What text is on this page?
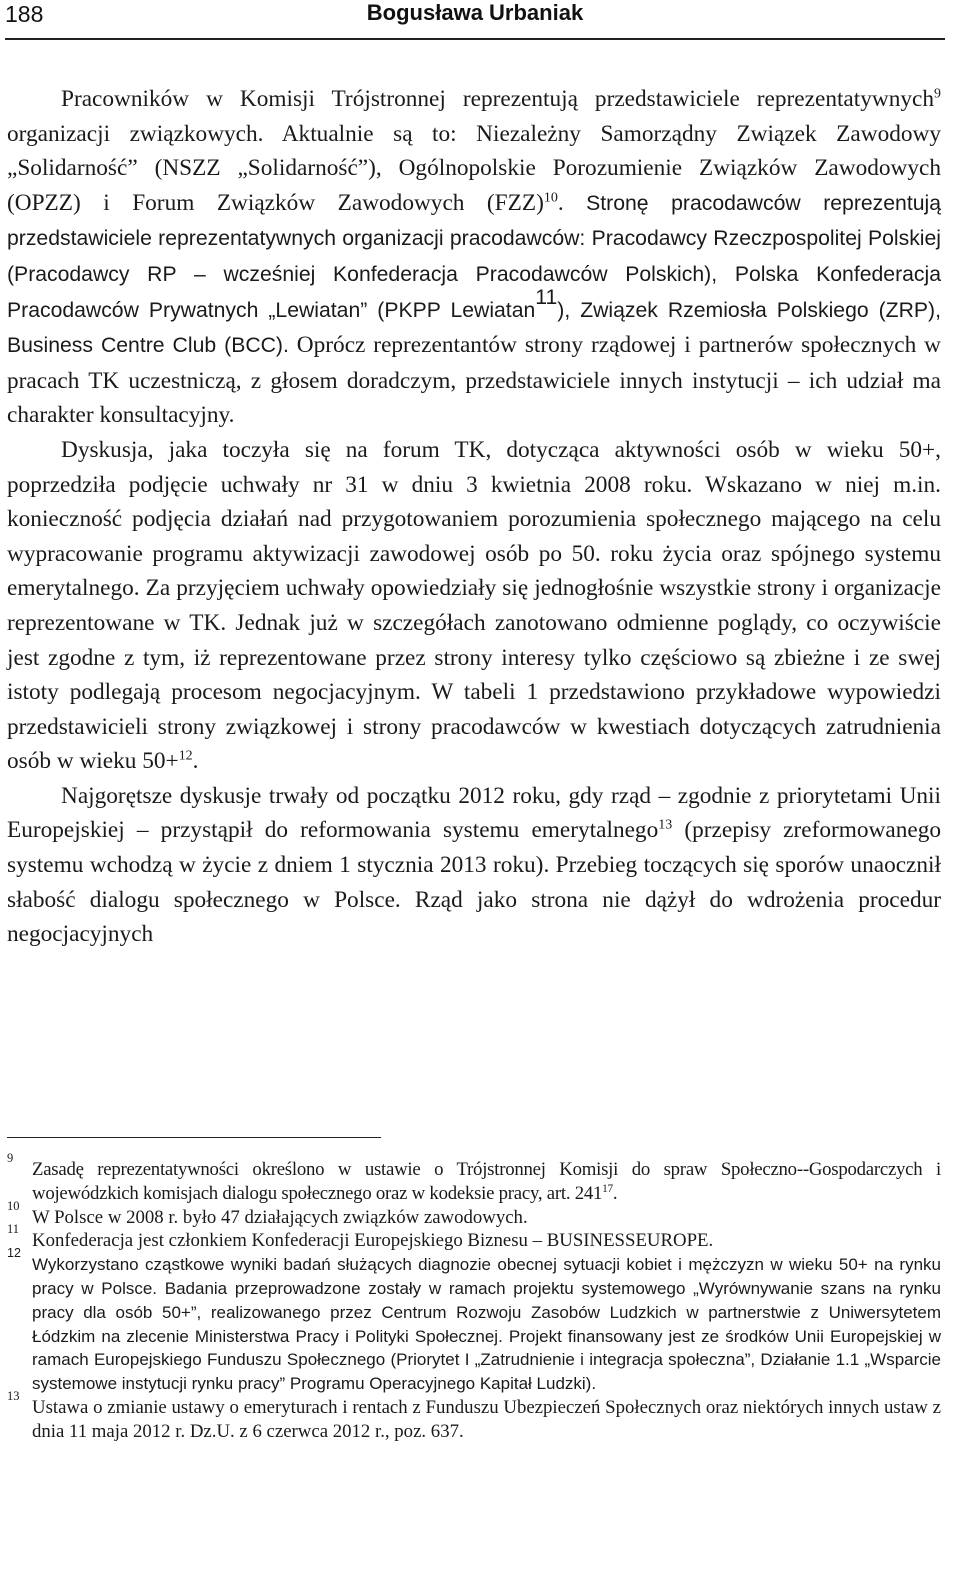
188	Bogusława Urbaniak

Pracowników w Komisji Trójstronnej reprezentują przedstawiciele reprezentatywnych$^9$ organizacji związkowych. Aktualnie są to: Niezależny Samorządny Związek Zawodowy „Solidarność” (NSZZ „Solidarność”), Ogólnopolskie Porozumienie Związków Zawodowych (OPZZ) i Forum Związków Zawodowych (FZZ)$^{10}$. Stronę pracodawców reprezentują przedstawiciele reprezentatywnych organizacji pracodawców: Pracodawcy Rzeczpospolitej Polskiej (Pracodawcy RP – wcześniej Konfederacja Pracodawców Polskich), Polska Konfederacja Pracodawców Prywatnych „Lewiatan” (PKPP Lewiatan$^{11}$), Związek Rzemiosła Polskiego (ZRP), Business Centre Club (BCC). Oprócz reprezentantów strony rządowej i partnerów społecznych w pracach TK uczestniczą, z głosem doradczym, przedstawiciele innych instytucji – ich udział ma charakter konsultacyjny.

Dyskusja, jaka toczyła się na forum TK, dotycząca aktywności osób w wieku 50+, poprzedziła podjęcie uchwały nr 31 w dniu 3 kwietnia 2008 roku. Wskazano w niej m.in. konieczność podjęcia działań nad przygotowaniem porozumienia społecznego mającego na celu wypracowanie programu aktywizacji zawodowej osób po 50. roku życia oraz spójnego systemu emerytalnego. Za przyjęciem uchwały opowiedziały się jednogłośnie wszystkie strony i organizacje reprezentowane w TK. Jednak już w szczegółach zanotowano odmienne poglądy, co oczywiście jest zgodne z tym, iż reprezentowane przez strony interesy tylko częściowo są zbieżne i ze swej istoty podlegają procesom negocjacyjnym. W tabeli 1 przedstawiono przykładowe wypowiedzi przedstawicieli strony związkowej i strony pracodawców w kwestiach dotyczących zatrudnienia osób w wieku 50+$^{12}$.

Najgorętsze dyskusje trwały od początku 2012 roku, gdy rząd – zgodnie z priorytetami Unii Europejskiej – przystąpił do reformowania systemu emerytalnego$^{13}$ (przepisy zreformowanego systemu wchodzą w życie z dniem 1 stycznia 2013 roku). Przebieg toczących się sporów unaocznił słabość dialogu społecznego w Polsce. Rząd jako strona nie dążył do wdrożenia procedur negocjacyjnych

9
Zasadę reprezentatywności określono w ustawie o Trójstronnej Komisji do spraw Społeczno-​-Gospodarczych i wojewódzkich komisjach dialogu społecznego oraz w kodeksie pracy, art. $241^{17}$.
10
W Polsce w 2008 r. było 47 działających związków zawodowych.
11
Konfederacja jest członkiem Konfederacji Europejskiego Biznesu – BUSINESSEUROPE.
12
Wykorzystano cząstkowe wyniki badań służących diagnozie obecnej sytuacji kobiet i mężczyzn w wieku 50+ na rynku pracy w Polsce. Badania przeprowadzone zostały w ramach projektu systemowego „Wyrównywanie szans na rynku pracy dla osób 50+”, realizowanego przez Centrum Rozwoju Zasobów Ludzkich w partnerstwie z Uniwersytetem Łódzkim na zlecenie Ministerstwa Pracy i Polityki Społecznej. Projekt finansowany jest ze środków Unii Europejskiej w ramach Europejskiego Funduszu Społecznego (Priorytet I „Zatrudnienie i integracja społeczna”, Działanie 1.1 „Wsparcie systemowe instytucji rynku pracy” Programu Operacyjnego Kapitał Ludzki).
13
Ustawa o zmianie ustawy o emeryturach i rentach z Funduszu Ubezpieczeń Społecznych oraz niektórych innych ustaw z dnia 11 maja 2012 r. Dz.U. z 6 czerwca 2012 r., poz. 637.
